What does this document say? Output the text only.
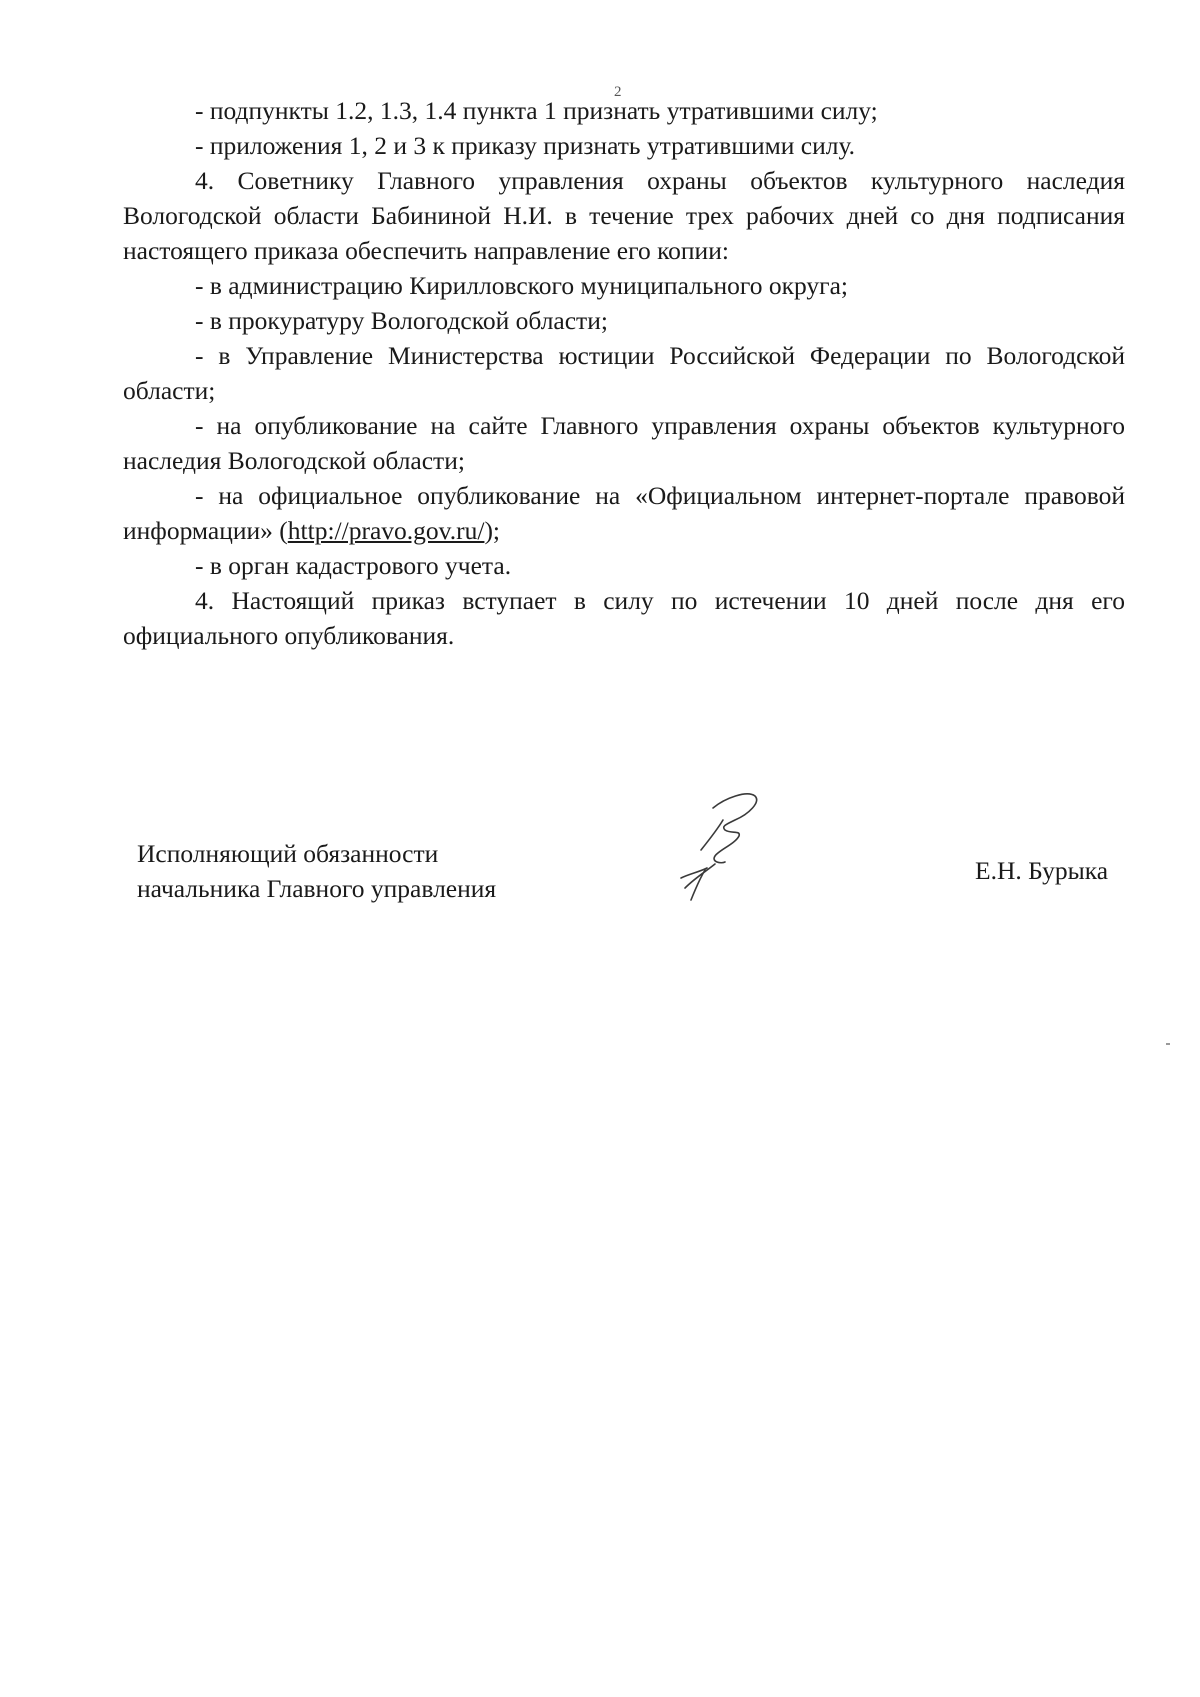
2

- подпункты 1.2, 1.3, 1.4 пункта 1 признать утратившими силу;

- приложения 1, 2 и 3 к приказу признать утратившими силу.

4. Советнику Главного управления охраны объектов культурного наследия Вологодской области Бабининой Н.И. в течение трех рабочих дней со дня подписания настоящего приказа обеспечить направление его копии:

- в администрацию Кирилловского муниципального округа;

- в прокуратуру Вологодской области;

- в Управление Министерства юстиции Российской Федерации по Вологодской области;

- на опубликование на сайте Главного управления охраны объектов культурного наследия Вологодской области;

- на официальное опубликование на «Официальном интернет-портале правовой информации» (http://pravo.gov.ru/);

- в орган кадастрового учета.

4. Настоящий приказ вступает в силу по истечении 10 дней после дня его официального опубликования.

Исполняющий обязанности
начальника Главного управления
Е.Н. Бурыка
